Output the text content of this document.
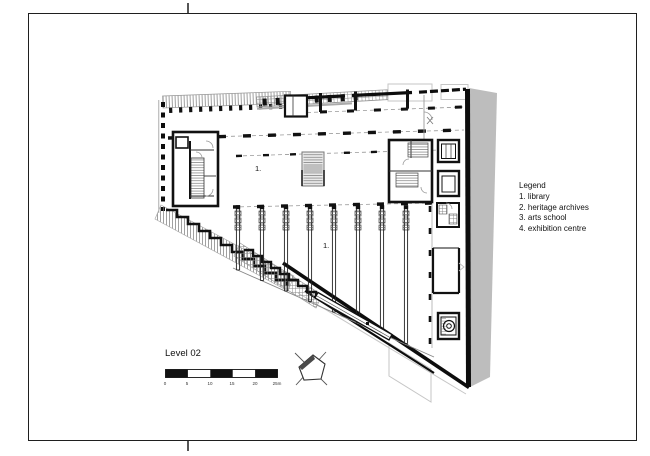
1.
1.
Legend
1. library
2. heritage archives
3. arts school
4. exhibition centre
Level 02
0	5	10	15	20	25m
